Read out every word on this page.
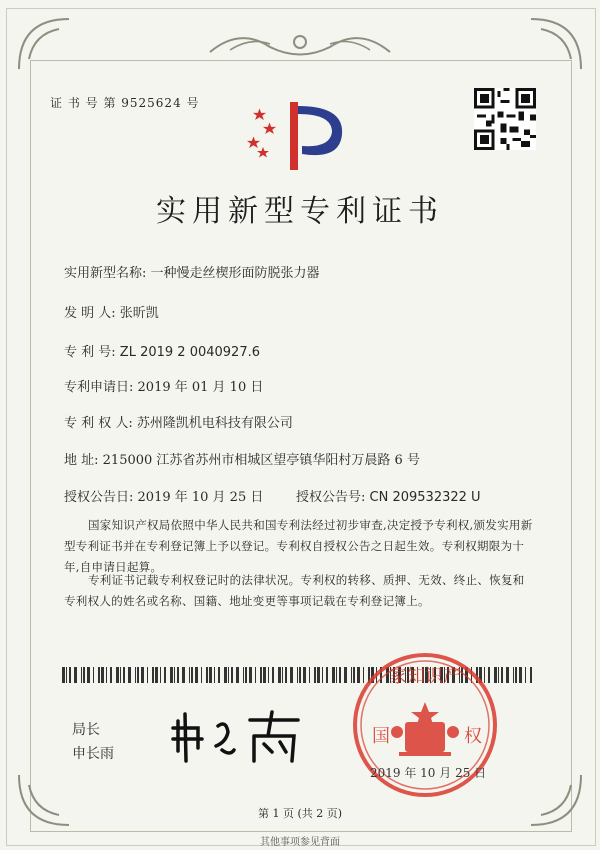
证 书 号 第 9525624 号
实用新型专利证书
实用新型名称: 一种慢走丝楔形面防脱张力器
发 明 人: 张昕凯
专 利 号: ZL 2019 2 0040927.6
专利申请日: 2019 年 01 月 10 日
专 利 权 人: 苏州隆凯机电科技有限公司
地 址: 215000 江苏省苏州市相城区望亭镇华阳村万晨路 6 号
授权公告日: 2019 年 10 月 25 日	授权公告号: CN 209532322 U
国家知识产权局依照中华人民共和国专利法经过初步审查,决定授予专利权,颁发实用新型专利证书并在专利登记簿上予以登记。专利权自授权公告之日起生效。专利权期限为十年,自申请日起算。
专利证书记载专利权登记时的法律状况。专利权的转移、质押、无效、终止、恢复和专利权人的姓名或名称、国籍、地址变更等事项记载在专利登记簿上。
局长
申长雨
家知识产
国	权
2019 年 10 月 25 日
第 1 页 (共 2 页)
其他事项参见背面
